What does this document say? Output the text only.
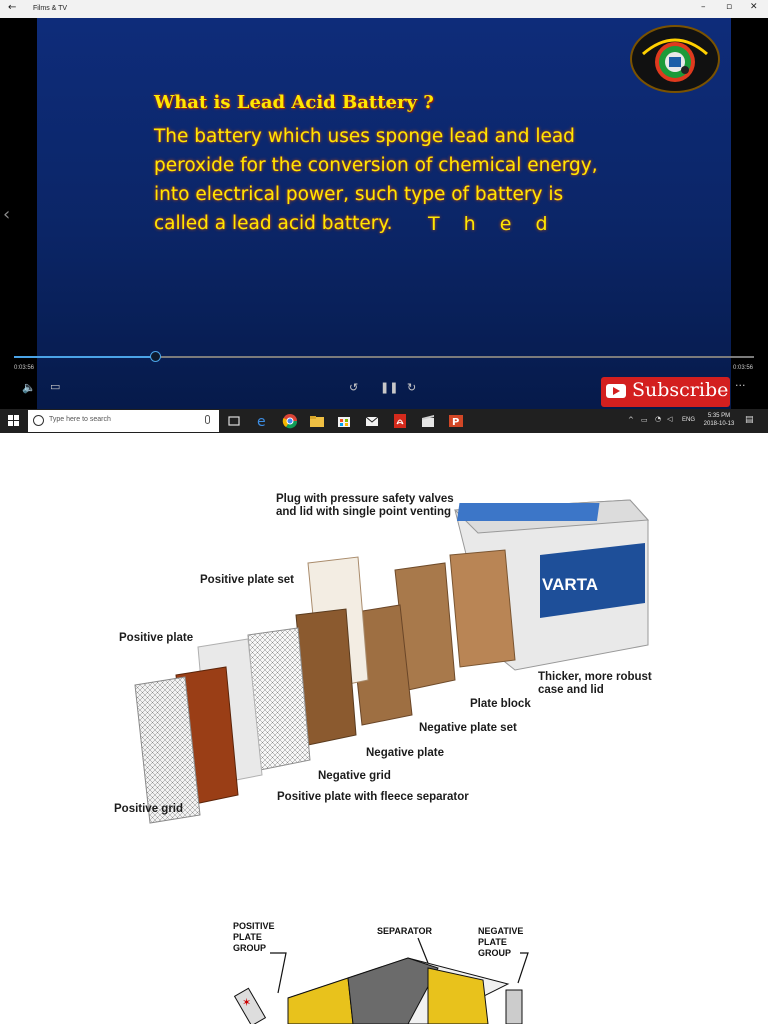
← Films & TV	– ▫ ✕
What is Lead Acid Battery ?
The battery which uses sponge lead and lead
peroxide for the conversion of chemical energy,
into electrical power, such type of battery is
called a lead acid battery.	T h e d
‹
0:03:56	0:03:56
🔈 ▭	↺ ❚❚ ↻	···
Subscribe
Type here to search	e	P	^ ▭ ◔ ◁ ENG
5:35 PM
2018-10-13	▤
VARTA
Plug with pressure safety valves
and lid with single point venting
Positive plate set
Positive plate
Thicker, more robust
case and lid
Plate block
Negative plate set
Negative plate
Negative grid
Positive plate with fleece separator
Positive grid
POSITIVE
PLATE
GROUP
SEPARATOR	NEGATIVE
PLATE
GROUP
✶
